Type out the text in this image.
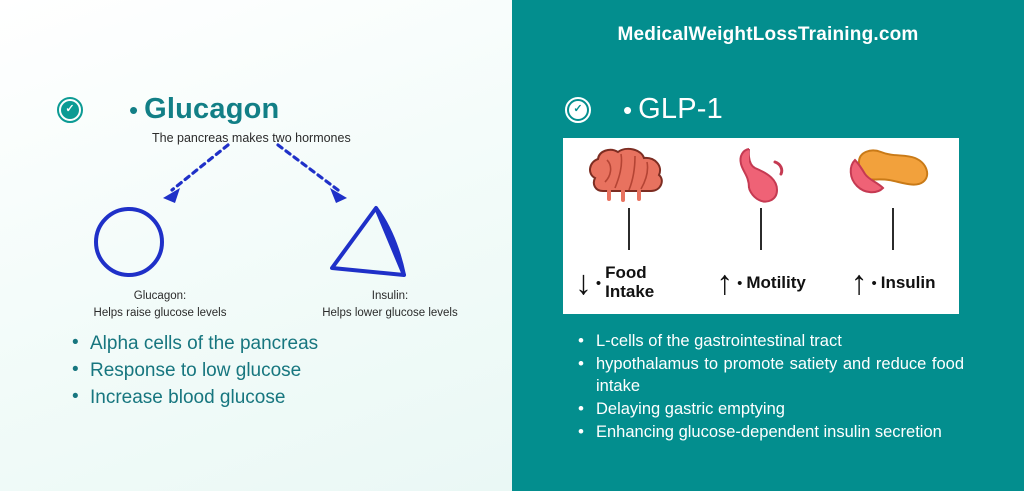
✓ • Glucagon
The pancreas makes two hormones
Glucagon:
Helps raise glucose levels
Insulin:
Helps lower glucose levels
• Alpha cells of the pancreas
• Response to low glucose
• Increase blood glucose
MedicalWeightLossTraining.com
✓ • GLP-1
↓ •
Food Intake	↑ • Motility ↑ • Insulin
• L-cells of the gastrointestinal tract
• hypothalamus to promote satiety and reduce food intake
• Delaying gastric emptying
• Enhancing glucose-dependent insulin secretion
